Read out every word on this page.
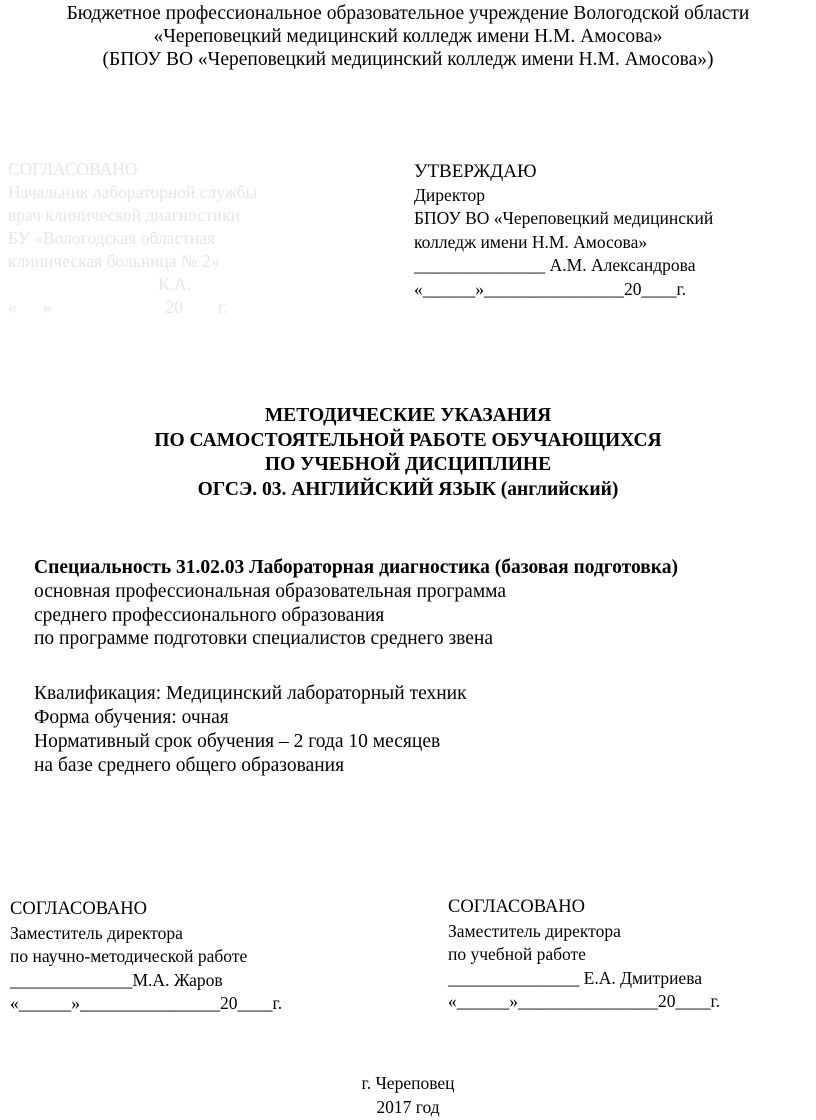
Бюджетное профессиональное образовательное учреждение Вологодской области
«Череповецкий медицинский колледж имени Н.М. Амосова»
(БПОУ ВО «Череповецкий медицинский колледж имени Н.М. Амосова»)
СОГЛАСОВАНО
Начальник лабораторной службы
врач клинической диагностики
БУ «Вологодская областная
клиническая больница № 2»
К.А.
«      »                          20        г.
УТВЕРЖДАЮ
Директор
БПОУ ВО «Череповецкий медицинский
колледж имени Н.М. Амосова»
_______________ А.М. Александрова
«______»________________20____г.
МЕТОДИЧЕСКИЕ УКАЗАНИЯ
ПО САМОСТОЯТЕЛЬНОЙ РАБОТЕ ОБУЧАЮЩИХСЯ
ПО УЧЕБНОЙ ДИСЦИПЛИНЕ
ОГСЭ. 03. АНГЛИЙСКИЙ ЯЗЫК (английский)
Специальность 31.02.03 Лабораторная диагностика (базовая подготовка)
основная профессиональная образовательная программа
среднего профессионального образования
по программе подготовки специалистов среднего звена
Квалификация: Медицинский лабораторный техник
Форма обучения: очная
Нормативный срок обучения – 2 года 10 месяцев
на базе среднего общего образования
СОГЛАСОВАНО
Заместитель директора
по научно-методической работе
______________М.А. Жаров
«______»________________20____г.
СОГЛАСОВАНО
Заместитель директора
по учебной работе
_______________ Е.А. Дмитриева
«______»________________20____г.
г. Череповец
2017 год
